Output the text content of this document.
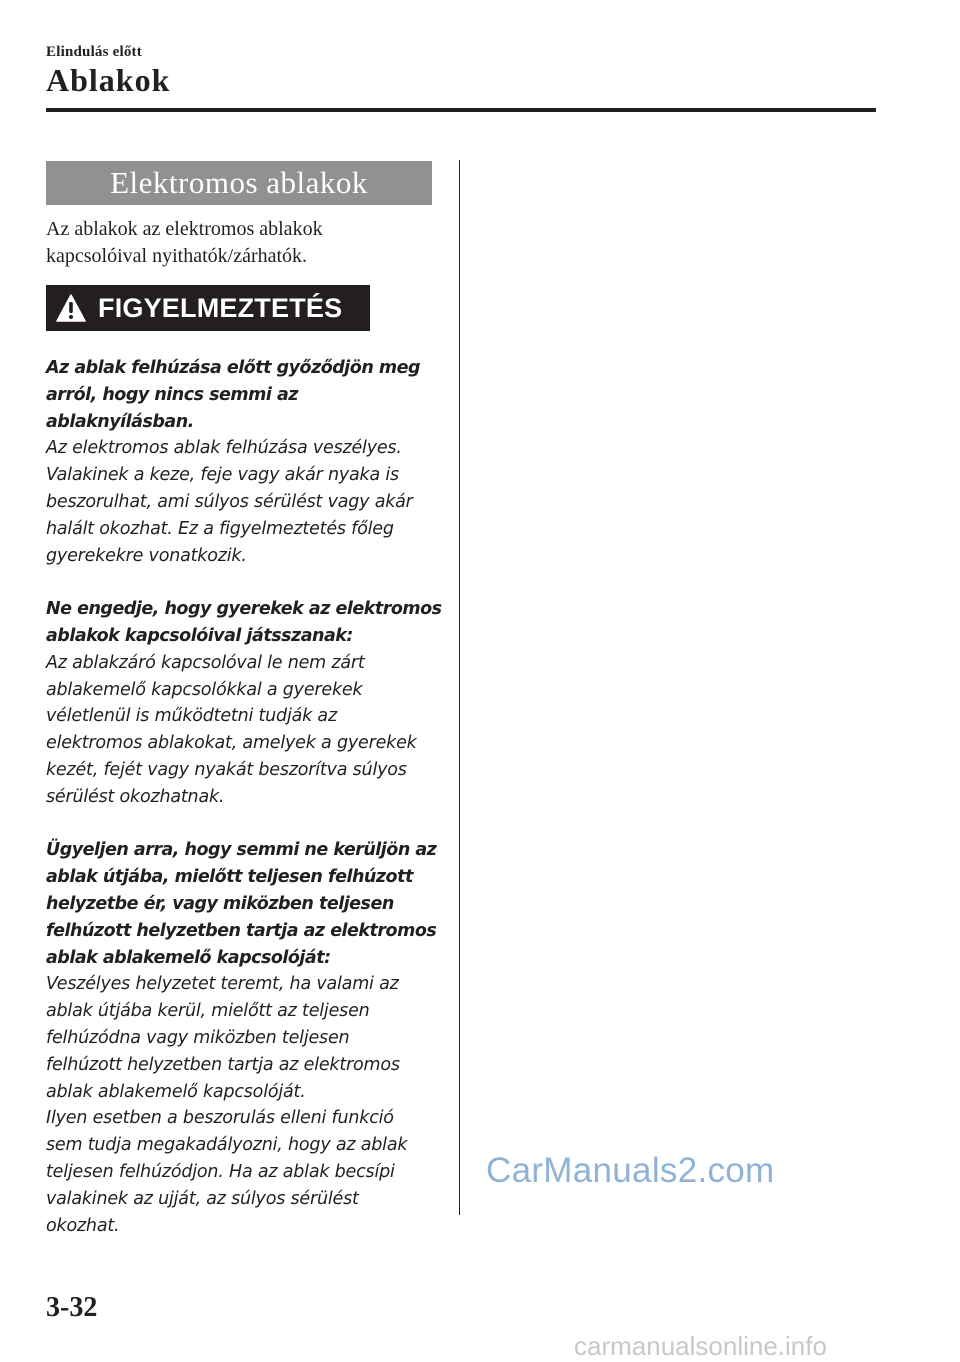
Elindulás előtt
Ablakok
Elektromos ablakok
Az ablakok az elektromos ablakok
kapcsolóival nyithatók/zárhatók.
FIGYELMEZTETÉS

Az ablak felhúzása előtt győződjön meg

arról, hogy nincs semmi az ablaknyílásban.

Az elektromos ablak felhúzása veszélyes.

Valakinek a keze, feje vagy akár nyaka is

beszorulhat, ami súlyos sérülést vagy akár

halált okozhat. Ez a figyelmeztetés főleg

gyerekekre vonatkozik.

Ne engedje, hogy gyerekek az elektromos

ablakok kapcsolóival játsszanak:

Az ablakzáró kapcsolóval le nem zárt

ablakemelő kapcsolókkal a gyerekek

véletlenül is működtetni tudják az

elektromos ablakokat, amelyek a gyerekek

kezét, fejét vagy nyakát beszorítva súlyos

sérülést okozhatnak.

Ügyeljen arra, hogy semmi ne kerüljön az

ablak útjába, mielőtt teljesen felhúzott

helyzetbe ér, vagy miközben teljesen

felhúzott helyzetben tartja az elektromos

ablak ablakemelő kapcsolóját:

Veszélyes helyzetet teremt, ha valami az

ablak útjába kerül, mielőtt az teljesen

felhúzódna vagy miközben teljesen

felhúzott helyzetben tartja az elektromos

ablak ablakemelő kapcsolóját.

Ilyen esetben a beszorulás elleni funkció

sem tudja megakadályozni, hogy az ablak

teljesen felhúzódjon. Ha az ablak becsípi

valakinek az ujját, az súlyos sérülést

okozhat.

CarManuals2.com
3-32
carmanualsonline.info
